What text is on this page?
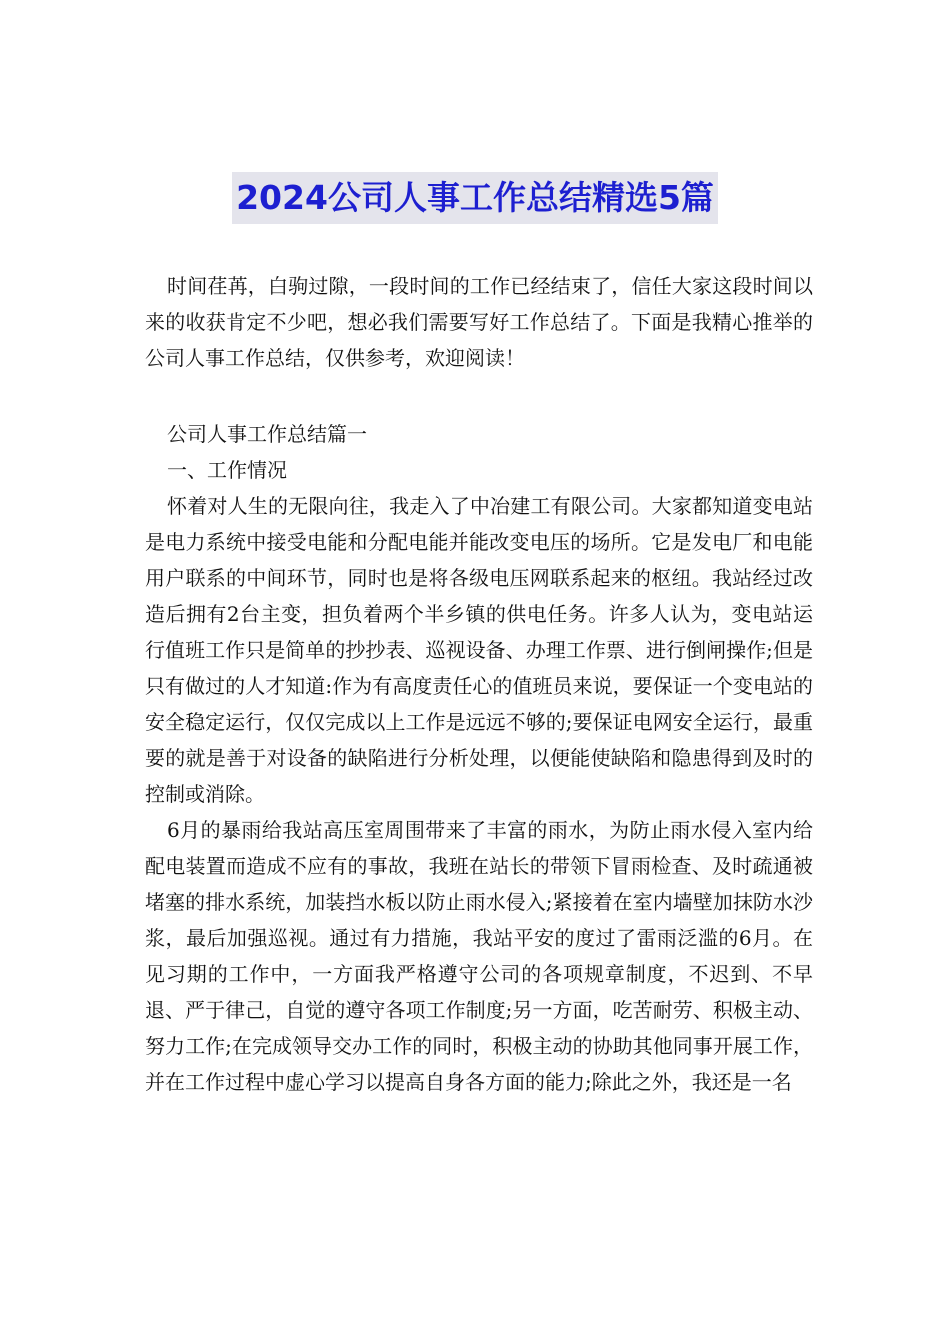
2024公司人事工作总结精选5篇

时间荏苒，白驹过隙，一段时间的工作已经结束了，信任大家这段时间以来的收获肯定不少吧，想必我们需要写好工作总结了。下面是我精心推举的公司人事工作总结，仅供参考，欢迎阅读！

公司人事工作总结篇一

一、工作情况

怀着对人生的无限向往，我走入了中冶建工有限公司。大家都知道变电站是电力系统中接受电能和分配电能并能改变电压的场所。它是发电厂和电能用户联系的中间环节，同时也是将各级电压网联系起来的枢纽。我站经过改造后拥有2台主变，担负着两个半乡镇的供电任务。许多人认为，变电站运行值班工作只是简单的抄抄表、巡视设备、办理工作票、进行倒闸操作;但是只有做过的人才知道:作为有高度责任心的值班员来说，要保证一个变电站的安全稳定运行，仅仅完成以上工作是远远不够的;要保证电网安全运行，最重要的就是善于对设备的缺陷进行分析处理，以便能使缺陷和隐患得到及时的控制或消除。

6月的暴雨给我站高压室周围带来了丰富的雨水，为防止雨水侵入室内给配电装置而造成不应有的事故，我班在站长的带领下冒雨检查、及时疏通被堵塞的排水系统，加装挡水板以防止雨水侵入;紧接着在室内墙壁加抹防水沙浆，最后加强巡视。通过有力措施，我站平安的度过了雷雨泛滥的6月。在见习期的工作中，一方面我严格遵守公司的各项规章制度，不迟到、不早退、严于律己，自觉的遵守各项工作制度;另一方面，吃苦耐劳、积极主动、努力工作;在完成领导交办工作的同时，积极主动的协助其他同事开展工作，并在工作过程中虚心学习以提高自身各方面的能力;除此之外，我还是一名
